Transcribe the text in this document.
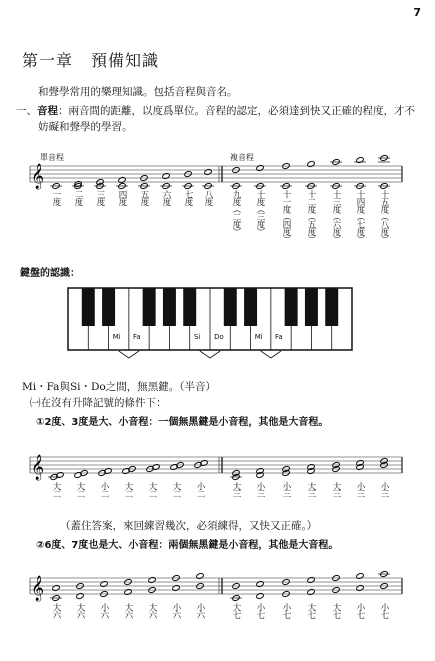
7
第一章 預備知識
和聲學常用的樂理知識。包括音程與音名。
一、音程：兩音間的距離，以度爲單位。音程的認定，必須達到快又正確的程度，才不
妨礙和聲學的學習。
單音程	複音程
𝄞
𝄞
𝄞
一度 二度 三度 四度 五度 六度 七度 八度 九度（二度） 十度（三度） 十一度（四度） 十二度（五度） 十三度（六度） 十四度（七度） 十五度（八度）
鍵盤的認識：
Mi Fa	Si Do	Mi Fa
Mi・Fa與Si・Do之間，無黑鍵。（半音）
㈠在沒有升降記號的條件下：
①2度、3度是大、小音程：一個無黑鍵是小音程，其他是大音程。
大二 大二 小二 大二 大二 大二 小二	大三 小三 小三 大三 大三 小三 小三
（蓋住答案，來回練習幾次，必須練得，又快又正確。）
②6度、7度也是大、小音程：兩個無黑鍵是小音程，其他是大音程。
大六 大六 小六 大六 大六 小六 小六	大七 小七 小七 大七 大七 小七 小七
